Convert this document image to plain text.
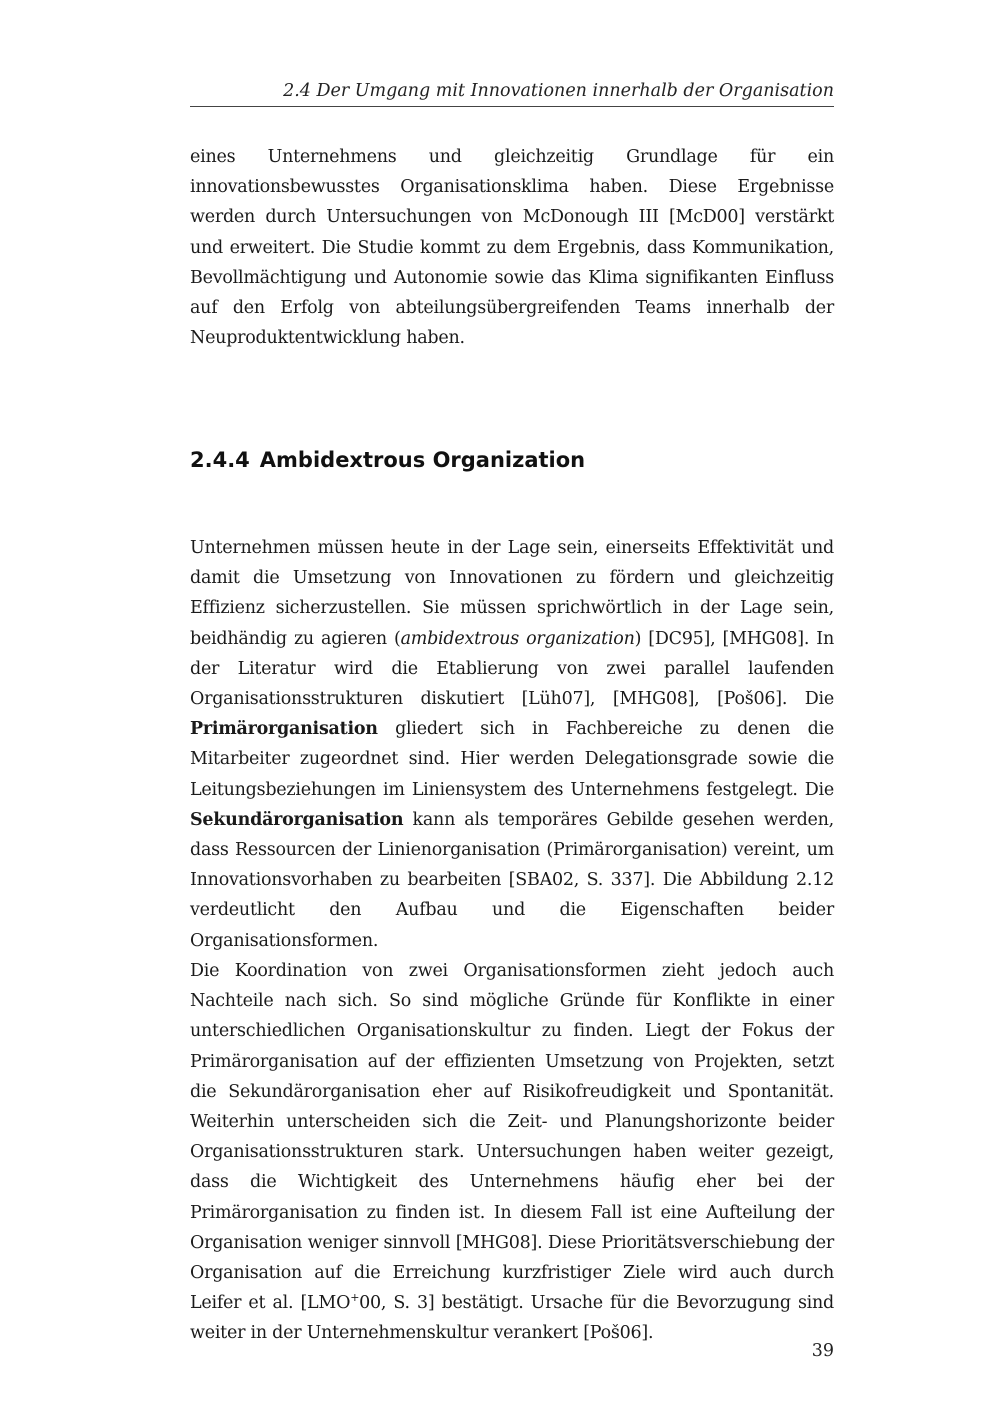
2.4 Der Umgang mit Innovationen innerhalb der Organisation

eines Unternehmens und gleichzeitig Grundlage für ein innovationsbewusstes Organisationsklima haben. Diese Ergebnisse werden durch Untersuchungen von McDonough III [McD00] verstärkt und erweitert. Die Studie kommt zu dem Ergebnis, dass Kommunikation, Bevollmächtigung und Autonomie sowie das Klima signifikanten Einfluss auf den Erfolg von abteilungsübergreifenden Teams innerhalb der Neuproduktentwicklung haben.

2.4.4 Ambidextrous Organization

Unternehmen müssen heute in der Lage sein, einerseits Effektivität und damit die Umsetzung von Innovationen zu fördern und gleichzeitig Effizienz sicherzustellen. Sie müssen sprichwörtlich in der Lage sein, beidhändig zu agieren (ambidextrous organization) [DC95], [MHG08]. In der Literatur wird die Etablierung von zwei parallel laufenden Organisationsstrukturen diskutiert [Lüh07], [MHG08], [Poš06]. Die Primärorganisation gliedert sich in Fachbereiche zu denen die Mitarbeiter zugeordnet sind. Hier werden Delegationsgrade sowie die Leitungsbeziehungen im Liniensystem des Unternehmens festgelegt. Die Sekundärorganisation kann als temporäres Gebilde gesehen werden, dass Ressourcen der Linienorganisation (Primärorganisation) vereint, um Innovationsvorhaben zu bearbeiten [SBA02, S. 337]. Die Abbildung 2.12 verdeutlicht den Aufbau und die Eigenschaften beider Organisationsformen.

Die Koordination von zwei Organisationsformen zieht jedoch auch Nachteile nach sich. So sind mögliche Gründe für Konflikte in einer unterschiedlichen Organisationskultur zu finden. Liegt der Fokus der Primärorganisation auf der effizienten Umsetzung von Projekten, setzt die Sekundärorganisation eher auf Risikofreudigkeit und Spontanität. Weiterhin unterscheiden sich die Zeit- und Planungshorizonte beider Organisationsstrukturen stark. Untersuchungen haben weiter gezeigt, dass die Wichtigkeit des Unternehmens häufig eher bei der Primärorganisation zu finden ist. In diesem Fall ist eine Aufteilung der Organisation weniger sinnvoll [MHG08]. Diese Prioritätsverschiebung der Organisation auf die Erreichung kurzfristiger Ziele wird auch durch Leifer et al. [LMO+00, S. 3] bestätigt. Ursache für die Bevorzugung sind weiter in der Unternehmenskultur verankert [Poš06].

39
